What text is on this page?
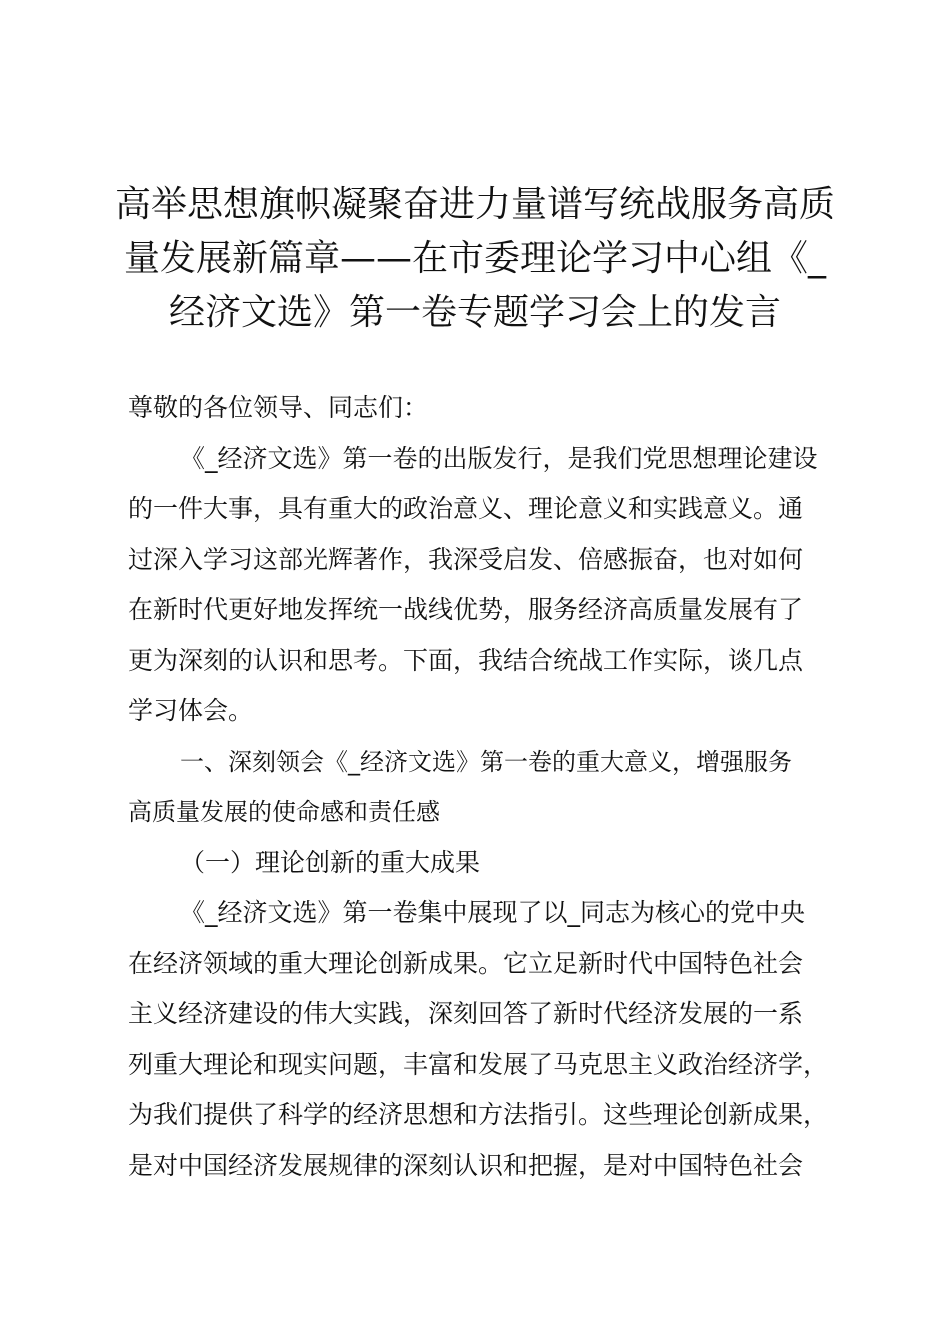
高举思想旗帜凝聚奋进力量谱写统战服务高质
量发展新篇章——在市委理论学习中心组《_
经济文选》第一卷专题学习会上的发言
尊敬的各位领导、同志们：
《_经济文选》第一卷的出版发行，是我们党思想理论建设
的一件大事，具有重大的政治意义、理论意义和实践意义。通
过深入学习这部光辉著作，我深受启发、倍感振奋，也对如何
在新时代更好地发挥统一战线优势，服务经济高质量发展有了
更为深刻的认识和思考。下面，我结合统战工作实际，谈几点
学习体会。
一、深刻领会《_经济文选》第一卷的重大意义，增强服务
高质量发展的使命感和责任感
（一）理论创新的重大成果
《_经济文选》第一卷集中展现了以_同志为核心的党中央
在经济领域的重大理论创新成果。它立足新时代中国特色社会
主义经济建设的伟大实践，深刻回答了新时代经济发展的一系
列重大理论和现实问题，丰富和发展了马克思主义政治经济学，
为我们提供了科学的经济思想和方法指引。这些理论创新成果，
是对中国经济发展规律的深刻认识和把握，是对中国特色社会
